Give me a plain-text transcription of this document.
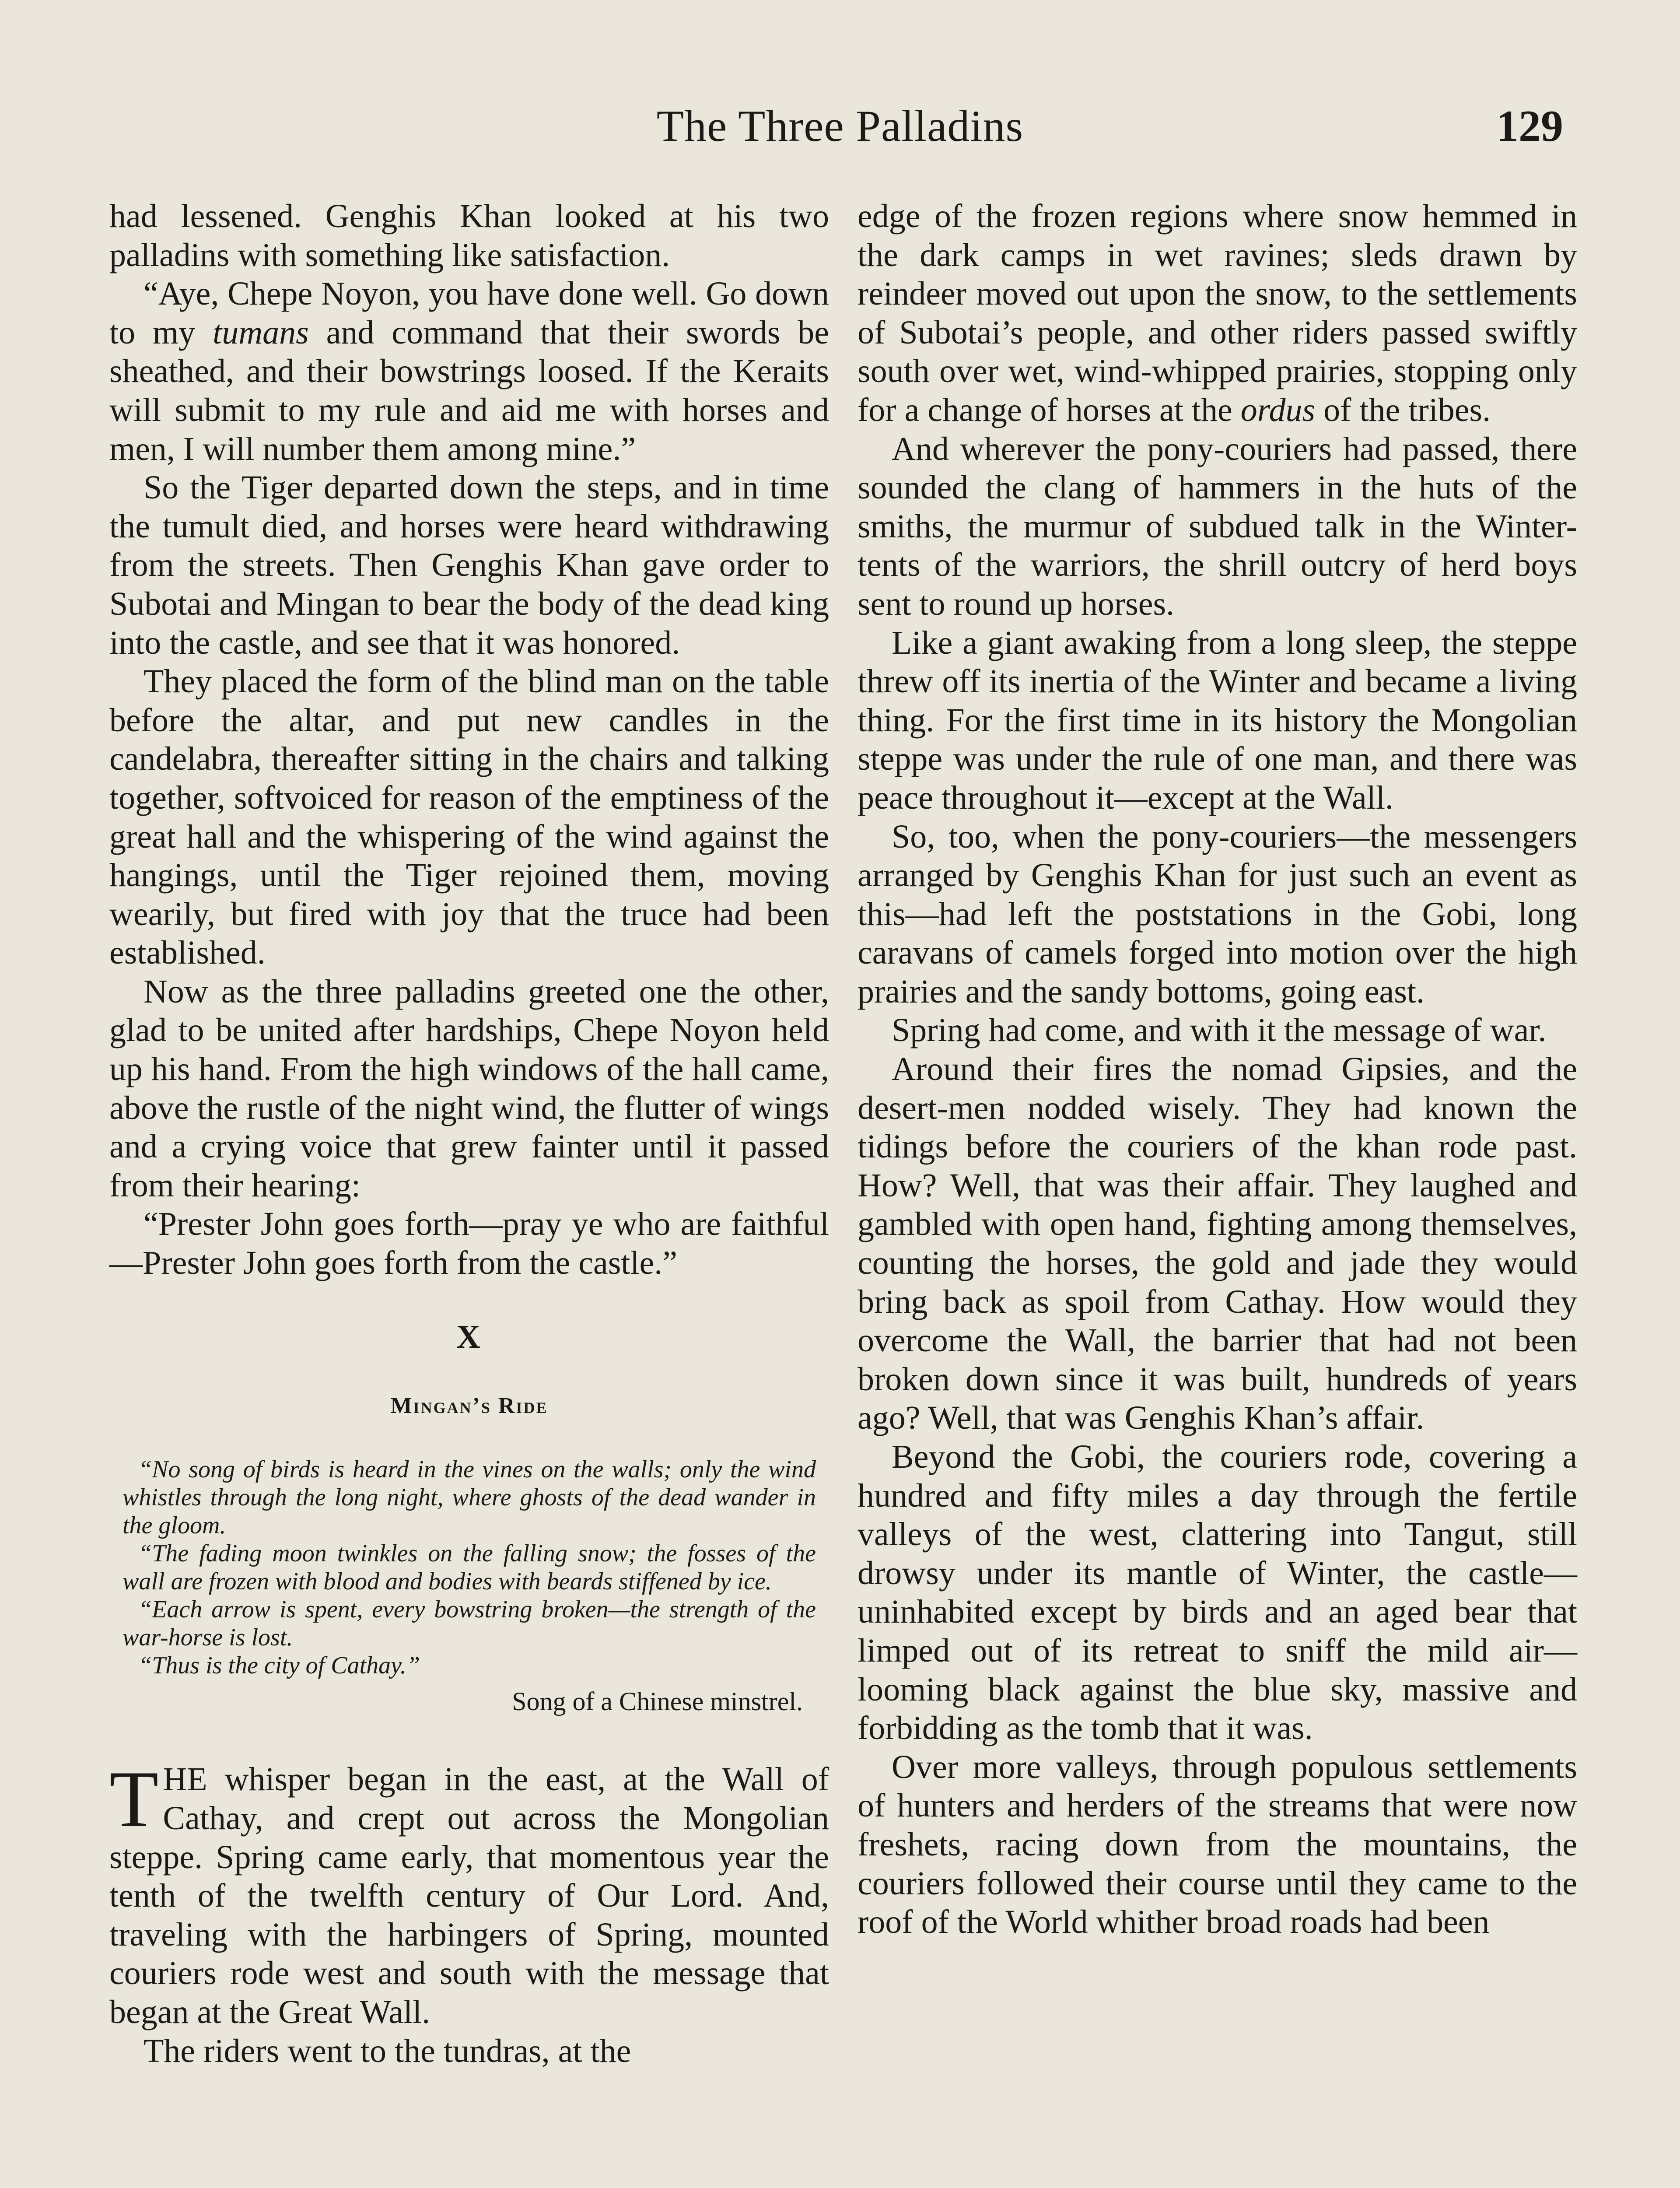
The Three Palladins	129

had lessened. Genghis Khan looked at his two palladins with something like satisfaction.

“Aye, Chepe Noyon, you have done well. Go down to my tumans and command that their swords be sheathed, and their bowstrings loosed. If the Keraits will submit to my rule and aid me with horses and men, I will number them among mine.”

So the Tiger departed down the steps, and in time the tumult died, and horses were heard withdrawing from the streets. Then Genghis Khan gave order to Subotai and Mingan to bear the body of the dead king into the castle, and see that it was honored.

They placed the form of the blind man on the table before the altar, and put new candles in the candelabra, thereafter sitting in the chairs and talking together, softvoiced for reason of the emptiness of the great hall and the whispering of the wind against the hangings, until the Tiger rejoined them, moving wearily, but fired with joy that the truce had been established.

Now as the three palladins greeted one the other, glad to be united after hardships, Chepe Noyon held up his hand. From the high windows of the hall came, above the rustle of the night wind, the flutter of wings and a crying voice that grew fainter until it passed from their hearing:

“Prester John goes forth—pray ye who are faithful—Prester John goes forth from the castle.”

X
Mingan’s Ride

“No song of birds is heard in the vines on the walls; only the wind whistles through the long night, where ghosts of the dead wander in the gloom.

“The fading moon twinkles on the falling snow; the fosses of the wall are frozen with blood and bodies with beards stiffened by ice.

“Each arrow is spent, every bowstring broken—the strength of the war-horse is lost.

“Thus is the city of Cathay.”

Song of a Chinese minstrel.

THE whisper began in the east, at the Wall of Cathay, and crept out across the Mongolian steppe. Spring came early, that momentous year the tenth of the twelfth century of Our Lord. And, traveling with the harbingers of Spring, mounted couriers rode west and south with the message that began at the Great Wall.

The riders went to the tundras, at the

edge of the frozen regions where snow hemmed in the dark camps in wet ravines; sleds drawn by reindeer moved out upon the snow, to the settlements of Subotai’s people, and other riders passed swiftly south over wet, wind-whipped prairies, stopping only for a change of horses at the ordus of the tribes.

And wherever the pony-couriers had passed, there sounded the clang of hammers in the huts of the smiths, the murmur of subdued talk in the Winter-tents of the warriors, the shrill outcry of herd boys sent to round up horses.

Like a giant awaking from a long sleep, the steppe threw off its inertia of the Winter and became a living thing. For the first time in its history the Mongolian steppe was under the rule of one man, and there was peace throughout it—except at the Wall.

So, too, when the pony-couriers—the messengers arranged by Genghis Khan for just such an event as this—had left the poststations in the Gobi, long caravans of camels forged into motion over the high prairies and the sandy bottoms, going east.

Spring had come, and with it the message of war.

Around their fires the nomad Gipsies, and the desert-men nodded wisely. They had known the tidings before the couriers of the khan rode past. How? Well, that was their affair. They laughed and gambled with open hand, fighting among themselves, counting the horses, the gold and jade they would bring back as spoil from Cathay. How would they overcome the Wall, the barrier that had not been broken down since it was built, hundreds of years ago? Well, that was Genghis Khan’s affair.

Beyond the Gobi, the couriers rode, covering a hundred and fifty miles a day through the fertile valleys of the west, clattering into Tangut, still drowsy under its mantle of Winter, the castle— uninhabited except by birds and an aged bear that limped out of its retreat to sniff the mild air—looming black against the blue sky, massive and forbidding as the tomb that it was.

Over more valleys, through populous settlements of hunters and herders of the streams that were now freshets, racing down from the mountains, the couriers followed their course until they came to the roof of the World whither broad roads had been
